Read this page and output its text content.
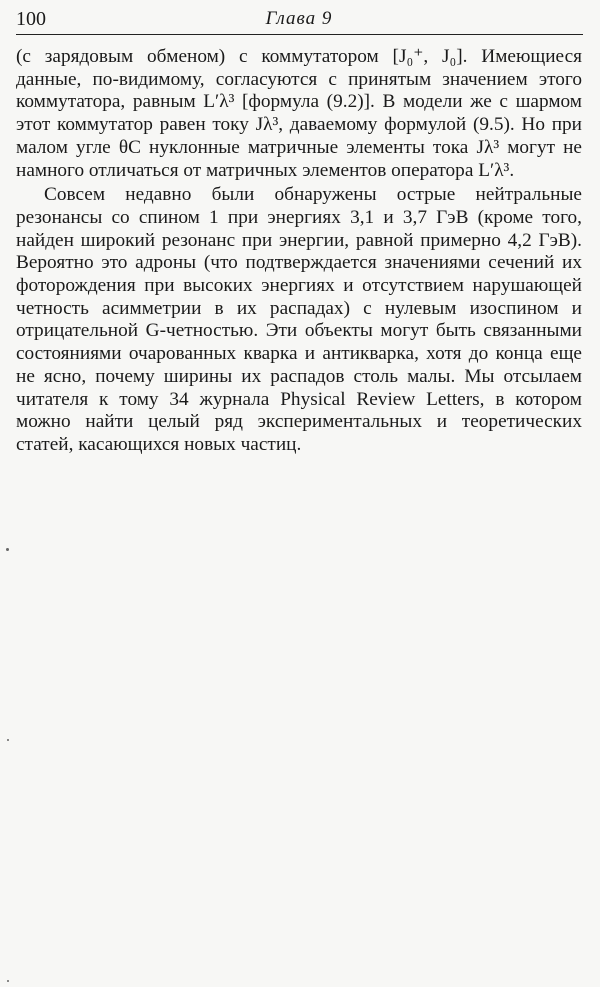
100	Глава 9

(с зарядовым обменом) с коммутатором [J₀⁺, J₀]. Имеющиеся данные, по-видимому, согласуются с принятым значением этого коммутатора, равным L′λ³ [формула (9.2)]. В модели же с шармом этот коммутатор равен току Jλ³, даваемому формулой (9.5). Но при малом угле θC нуклонные матричные элементы тока Jλ³ могут не намного отличаться от матричных элементов оператора L′λ³.

Совсем недавно были обнаружены острые нейтральные резонансы со спином 1 при энергиях 3,1 и 3,7 ГэВ (кроме того, найден широкий резонанс при энергии, равной примерно 4,2 ГэВ). Вероятно это адроны (что подтверждается значениями сечений их фоторождения при высоких энергиях и отсутствием нарушающей четность асимметрии в их распадах) с нулевым изоспином и отрицательной G-четностью. Эти объекты могут быть связанными состояниями очарованных кварка и антикварка, хотя до конца еще не ясно, почему ширины их распадов столь малы. Мы отсылаем читателя к тому 34 журнала Physical Review Letters, в котором можно найти целый ряд экспериментальных и теоретических статей, касающихся новых частиц.
